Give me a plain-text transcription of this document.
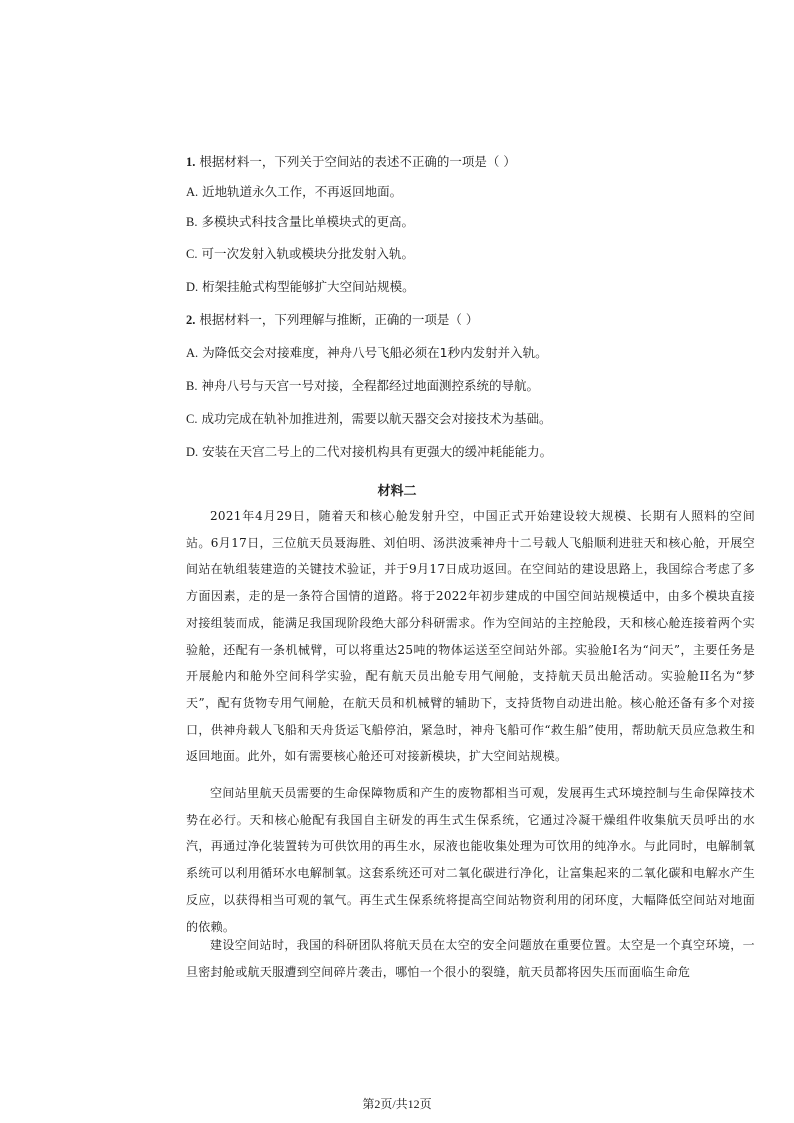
1. 根据材料一，下列关于空间站的表述不正确的一项是（ ）
A. 近地轨道永久工作，不再返回地面。
B. 多模块式科技含量比单模块式的更高。
C. 可一次发射入轨或模块分批发射入轨。
D. 桁架挂舱式构型能够扩大空间站规模。
2. 根据材料一，下列理解与推断，正确的一项是（ ）
A. 为降低交会对接难度，神舟八号飞船必须在1秒内发射并入轨。
B. 神舟八号与天宫一号对接，全程都经过地面测控系统的导航。
C. 成功完成在轨补加推进剂，需要以航天器交会对接技术为基础。
D. 安装在天宫二号上的二代对接机构具有更强大的缓冲耗能能力。
材料二

2021年4月29日，随着天和核心舱发射升空，中国正式开始建设较大规模、长期有人照料的空间站。6月17日，三位航天员聂海胜、刘伯明、汤洪波乘神舟十二号载人飞船顺利进驻天和核心舱，开展空间站在轨组装建造的关键技术验证，并于9月17日成功返回。在空间站的建设思路上，我国综合考虑了多方面因素，走的是一条符合国情的道路。将于2022年初步建成的中国空间站规模适中，由多个模块直接对接组装而成，能满足我国现阶段绝大部分科研需求。作为空间站的主控舱段，天和核心舱连接着两个实验舱，还配有一条机械臂，可以将重达25吨的物体运送至空间站外部。实验舱I名为“问天”，主要任务是开展舱内和舱外空间科学实验，配有航天员出舱专用气闸舱，支持航天员出舱活动。实验舱II名为“梦天”，配有货物专用气闸舱，在航天员和机械臂的辅助下，支持货物自动进出舱。核心舱还备有多个对接口，供神舟载人飞船和天舟货运飞船停泊，紧急时，神舟飞船可作“救生船”使用，帮助航天员应急救生和返回地面。此外，如有需要核心舱还可对接新模块，扩大空间站规模。

空间站里航天员需要的生命保障物质和产生的废物都相当可观，发展再生式环境控制与生命保障技术势在必行。天和核心舱配有我国自主研发的再生式生保系统，它通过冷凝干燥组件收集航天员呼出的水汽，再通过净化装置转为可供饮用的再生水，尿液也能收集处理为可饮用的纯净水。与此同时，电解制氧系统可以利用循环水电解制氧。这套系统还可对二氧化碳进行净化，让富集起来的二氧化碳和电解水产生反应，以获得相当可观的氧气。再生式生保系统将提高空间站物资利用的闭环度，大幅降低空间站对地面的依赖。

建设空间站时，我国的科研团队将航天员在太空的安全问题放在重要位置。太空是一个真空环境，一旦密封舱或航天服遭到空间碎片袭击，哪怕一个很小的裂缝，航天员都将因失压而面临生命危

第2页/共12页
